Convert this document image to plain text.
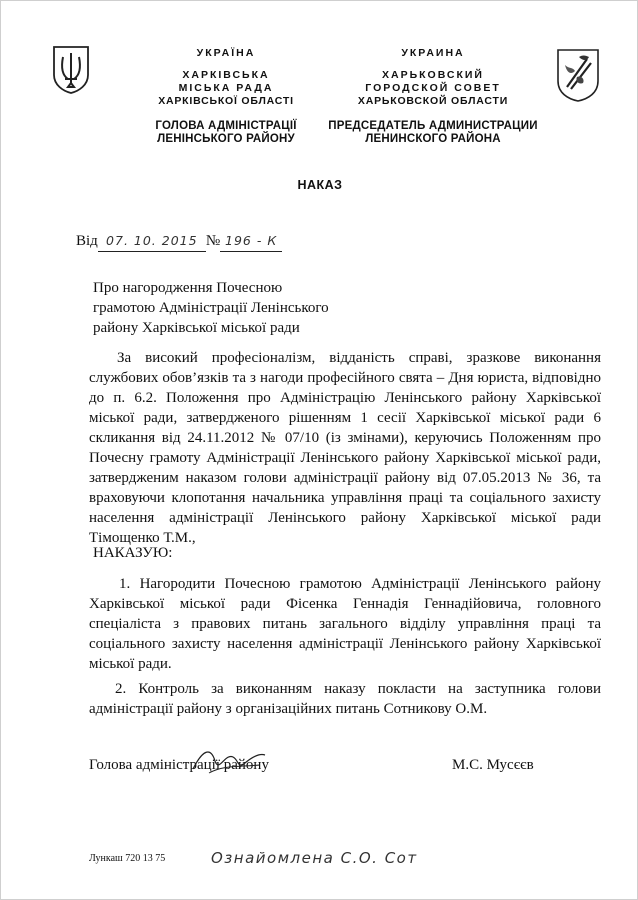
УКРАЇНА
ХАРКІВСЬКА
МІСЬКА РАДА
ХАРКІВСЬКОЇ ОБЛАСТІ
ГОЛОВА АДМІНІСТРАЦІЇ
ЛЕНІНСЬКОГО РАЙОНУ
УКРАИНА
ХАРЬКОВСКИЙ
ГОРОДСКОЙ СОВЕТ
ХАРЬКОВСКОЙ ОБЛАСТИ
ПРЕДСЕДАТЕЛЬ АДМИНИСТРАЦИИ
ЛЕНИНСКОГО РАЙОНА
НАКАЗ
Від 07. 10. 2015 № 196 - К
Про нагородження Почесною
грамотою Адміністрації Ленінського
району Харківської міської ради
За високий професіоналізм, відданість справі, зразкове виконання
службових обов’язків та з нагоди професійного свята – Дня юриста, відповідно
до п. 6.2. Положення про Адміністрацію Ленінського району Харківської
міської ради, затвердженого рішенням 1 сесії Харківської міської ради 6
скликання від 24.11.2012 № 07/10 (із змінами), керуючись Положенням про
Почесну грамоту Адміністрації Ленінського району Харківської міської ради,
затвердженим наказом голови адміністрації району від 07.05.2013 № 36, та
враховуючи клопотання начальника управління праці та соціального захисту
населення адміністрації Ленінського району Харківської міської ради
Тімощенко Т.М.,
НАКАЗУЮ:
1. Нагородити Почесною грамотою Адміністрації Ленінського району
Харківської міської ради Фісенка Геннадія Геннадійовича, головного
спеціаліста з правових питань загального відділу управління праці та
соціального захисту населення адміністрації Ленінського району Харківської
міської ради.
2. Контроль за виконанням наказу покласти на заступника голови
адміністрації району з організаційних питань Сотникову О.М.
Голова адміністрації району	М.С. Мусєєв
Лункаш 720 13 75	Ознайомлена С.О. Сот
